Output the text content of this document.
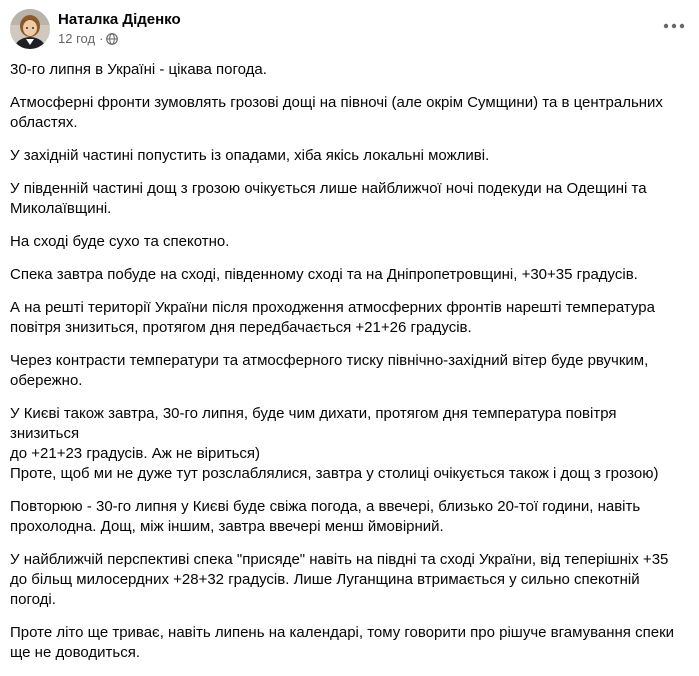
Наталка Діденко
12 год ·

30-го липня в Україні - цікава погода.

Атмосферні фронти зумовлять грозові дощі на півночі (але окрім Сумщини) та в центральних
областях.

У західній частині попустить із опадами, хіба якісь локальні можливі.

У південній частині дощ з грозою очікується лише найближчої ночі подекуди на Одещині та
Миколаївщині.

На сході буде сухо та спекотно.

Спека завтра побуде на сході, південному сході та на Дніпропетровщині, +30+35 градусів.

А на решті території України після проходження атмосферних фронтів нарешті температура
повітря знизиться, протягом дня передбачається +21+26 градусів.

Через контрасти температури та атмосферного тиску північно-західний вітер буде рвучким,
обережно.

У Києві також завтра, 30-го липня, буде чим дихати, протягом дня температура повітря знизиться
до +21+23 градусів. Аж не віриться)
Проте, щоб ми не дуже тут розслаблялися, завтра у столиці очікується також і дощ з грозою)

Повторюю - 30-го липня у Києві буде свіжа погода, а ввечері, близько 20-тої години, навіть
прохолодна. Дощ, між іншим, завтра ввечері менш ймовірний.

У найближчій перспективі спека "присяде" навіть на півдні та сході України, від теперішніх +35
до більщ милосердних +28+32 градусів. Лише Луганщина втримається у сильно спекотній
погоді.

Проте літо ще триває, навіть липень на календарі, тому говорити про рішуче вгамування спеки
ще не доводиться.
